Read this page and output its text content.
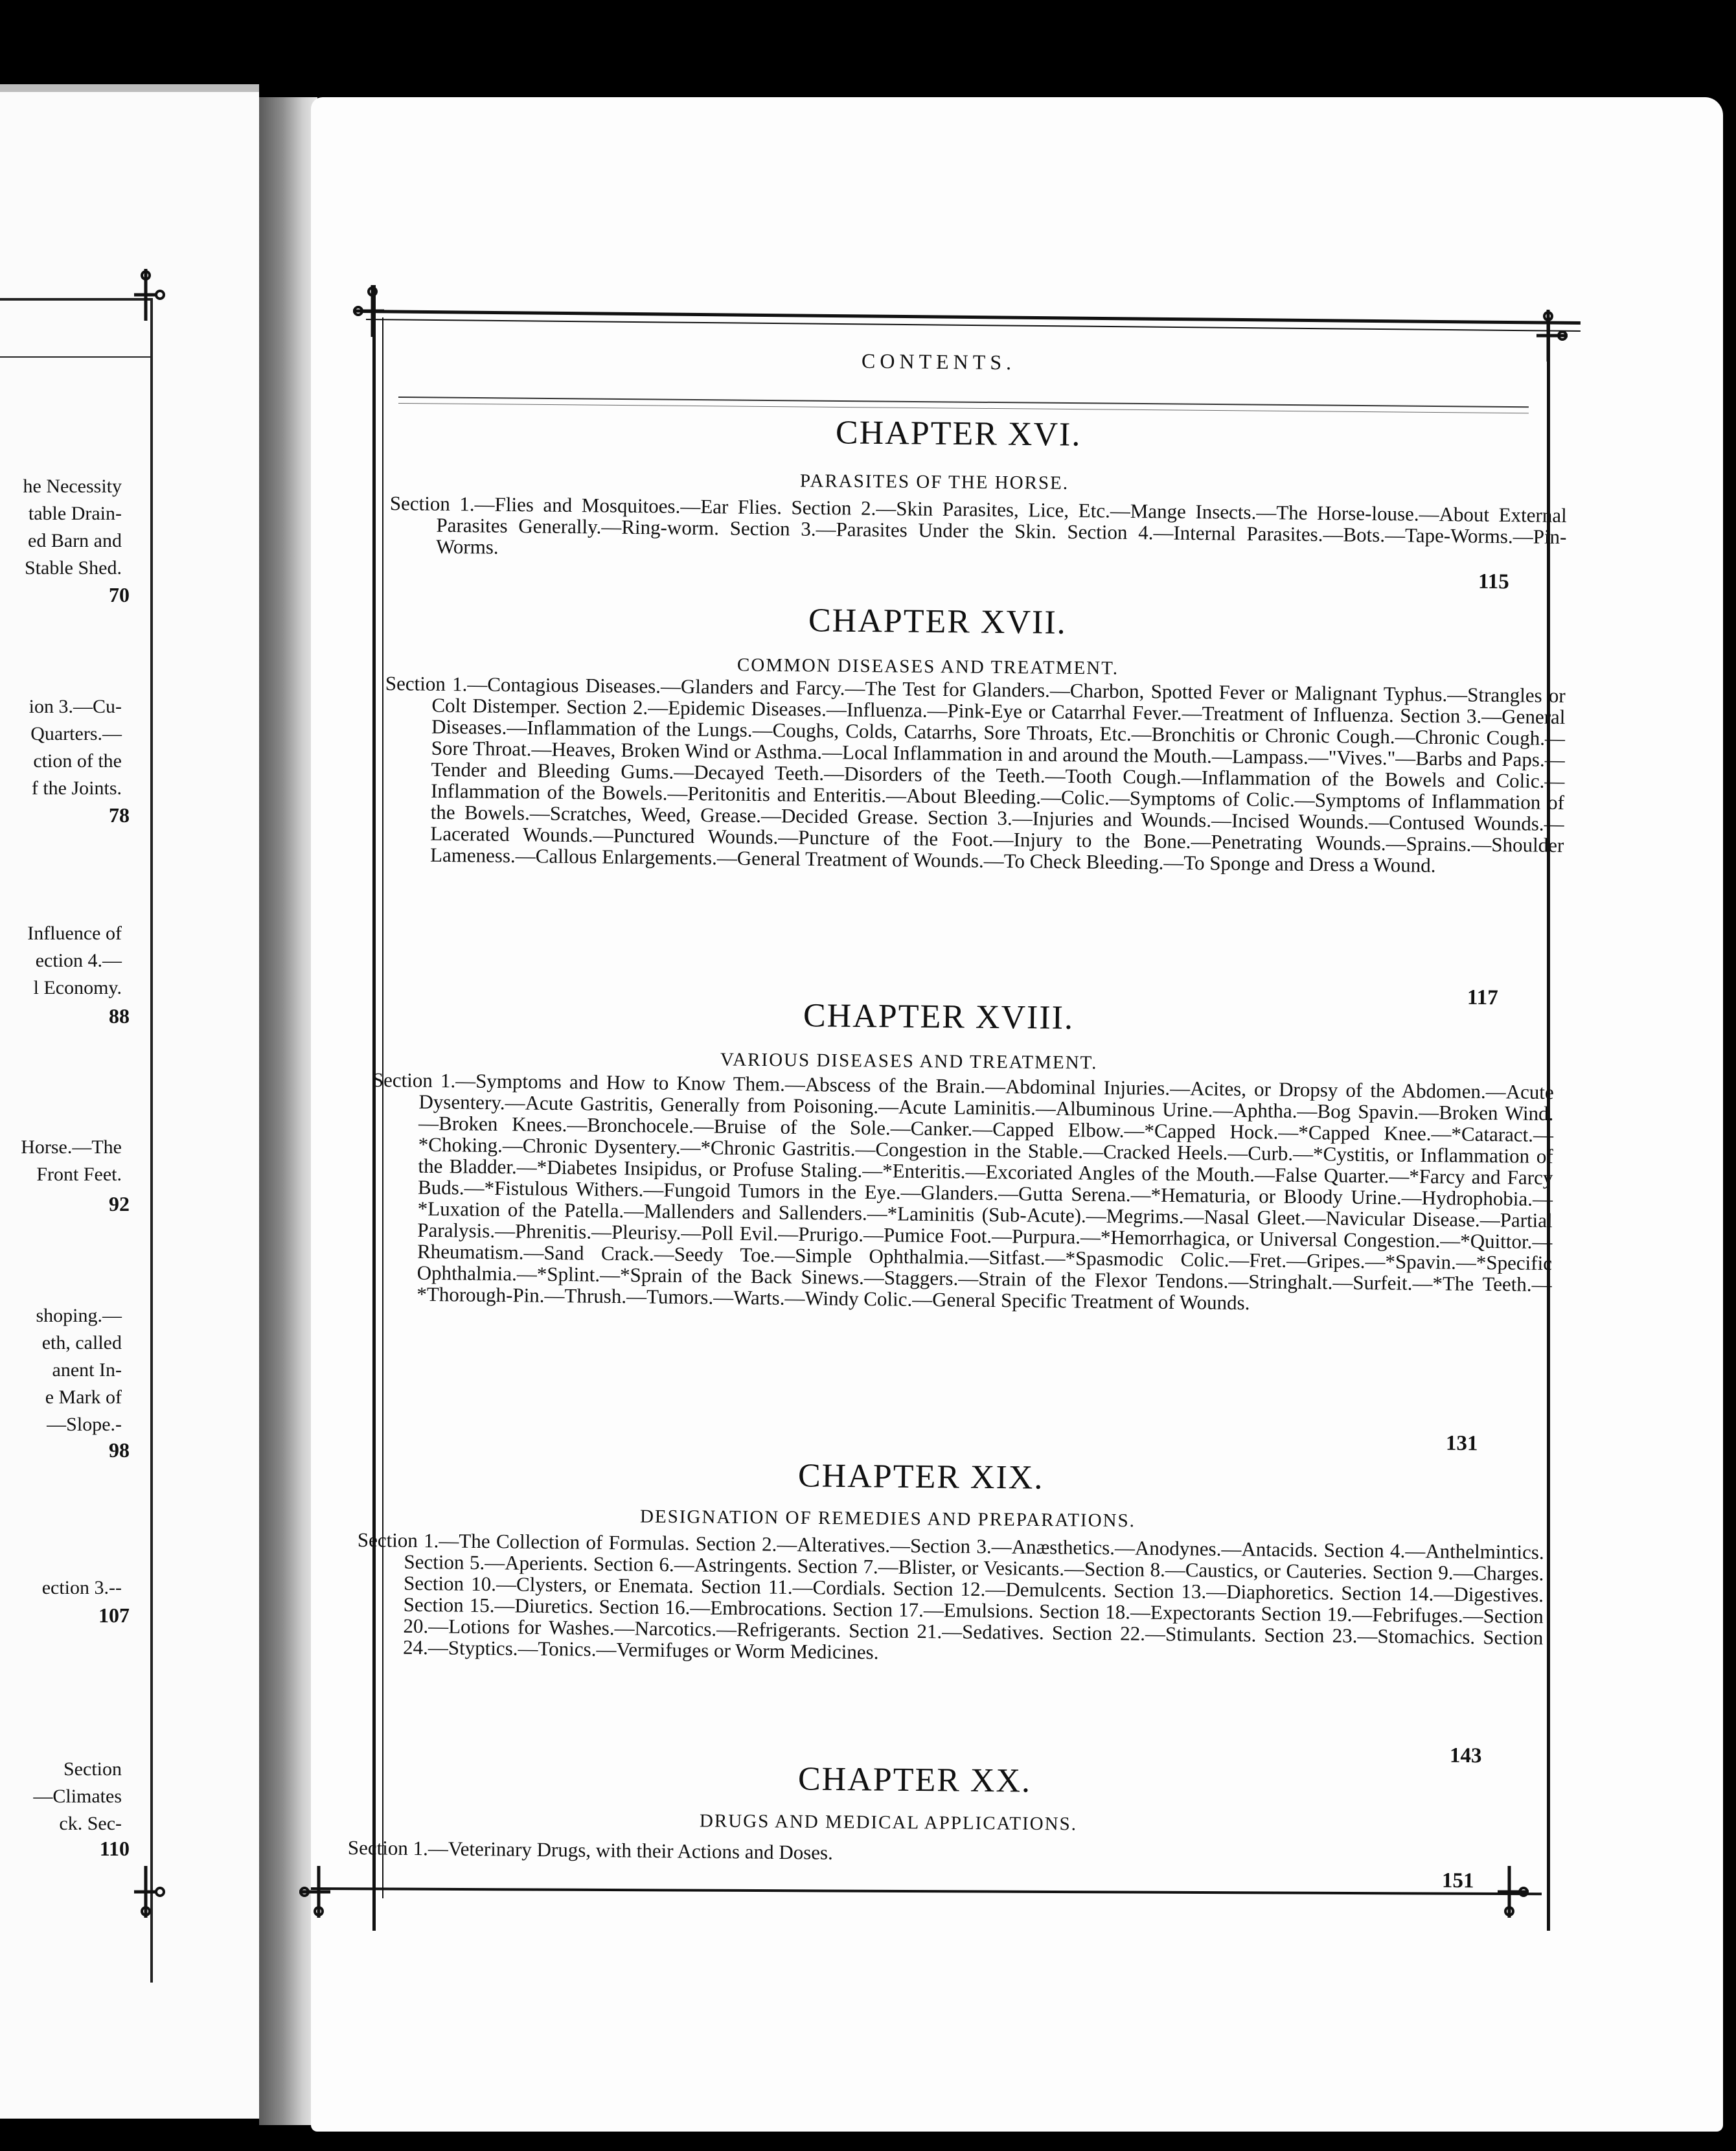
he Necessity
table Drain-
ed Barn and
Stable Shed.
70
ion 3.—Cu-
Quarters.—
ction of the
f the Joints.
78
Influence of
ection 4.—
l Economy.
88
Horse.—The
Front Feet.
92
shoping.—
eth, called
anent In-
e Mark of
—Slope.-
98
ection 3.--
107
Section
—Climates
ck. Sec-
110
CONTENTS.
CHAPTER XVI.
PARASITES OF THE HORSE.
Section 1.—Flies and Mosquitoes.—Ear Flies. Section 2.—Skin Parasites, Lice, Etc.—Mange Insects.—The Horse-louse.—About External Parasites Generally.—Ring-worm. Section 3.—Parasites Under the Skin. Section 4.—Internal Parasites.—Bots.—Tape-Worms.—Pin-Worms.
115
CHAPTER XVII.
COMMON DISEASES AND TREATMENT.
Section 1.—Contagious Diseases.—Glanders and Farcy.—The Test for Glanders.—Charbon, Spotted Fever or Malignant Typhus.—Strangles or Colt Distemper. Section 2.—Epidemic Diseases.—Influenza.—Pink-Eye or Catarrhal Fever.—Treatment of Influenza. Section 3.—General Diseases.—Inflammation of the Lungs.—Coughs, Colds, Catarrhs, Sore Throats, Etc.—Bronchitis or Chronic Cough.—Chronic Cough.—Sore Throat.—Heaves, Broken Wind or Asthma.—Local Inflammation in and around the Mouth.—Lampass.—"Vives."—Barbs and Paps.—Tender and Bleeding Gums.—Decayed Teeth.—Disorders of the Teeth.—Tooth Cough.—Inflammation of the Bowels and Colic.—Inflammation of the Bowels.—Peritonitis and Enteritis.—About Bleeding.—Colic.—Symptoms of Colic.—Symptoms of Inflammation of the Bowels.—Scratches, Weed, Grease.—Decided Grease. Section 3.—Injuries and Wounds.—Incised Wounds.—Contused Wounds.—Lacerated Wounds.—Punctured Wounds.—Puncture of the Foot.—Injury to the Bone.—Penetrating Wounds.—Sprains.—Shoulder Lameness.—Callous Enlargements.—General Treatment of Wounds.—To Check Bleeding.—To Sponge and Dress a Wound.
117
CHAPTER XVIII.
VARIOUS DISEASES AND TREATMENT.
Section 1.—Symptoms and How to Know Them.—Abscess of the Brain.—Abdominal Injuries.—Acites, or Dropsy of the Abdomen.—Acute Dysentery.—Acute Gastritis, Generally from Poisoning.—Acute Laminitis.—Albuminous Urine.—Aphtha.—Bog Spavin.—Broken Wind.—Broken Knees.—Bronchocele.—Bruise of the Sole.—Canker.—Capped Elbow.—*Capped Hock.—*Capped Knee.—*Cataract.—*Choking.—Chronic Dysentery.—*Chronic Gastritis.—Congestion in the Stable.—Cracked Heels.—Curb.—*Cystitis, or Inflammation of the Bladder.—*Diabetes Insipidus, or Profuse Staling.—*Enteritis.—Excoriated Angles of the Mouth.—False Quarter.—*Farcy and Farcy Buds.—*Fistulous Withers.—Fungoid Tumors in the Eye.—Glanders.—Gutta Serena.—*Hematuria, or Bloody Urine.—Hydrophobia.—*Luxation of the Patella.—Mallenders and Sallenders.—*Laminitis (Sub-Acute).—Megrims.—Nasal Gleet.—Navicular Disease.—Partial Paralysis.—Phrenitis.—Pleurisy.—Poll Evil.—Prurigo.—Pumice Foot.—Purpura.—*Hemorrhagica, or Universal Congestion.—*Quittor.—Rheumatism.—Sand Crack.—Seedy Toe.—Simple Ophthalmia.—Sitfast.—*Spasmodic Colic.—Fret.—Gripes.—*Spavin.—*Specific Ophthalmia.—*Splint.—*Sprain of the Back Sinews.—Staggers.—Strain of the Flexor Tendons.—Stringhalt.—Surfeit.—*The Teeth.—*Thorough-Pin.—Thrush.—Tumors.—Warts.—Windy Colic.—General Specific Treatment of Wounds.
131
CHAPTER XIX.
DESIGNATION OF REMEDIES AND PREPARATIONS.
Section 1.—The Collection of Formulas. Section 2.—Alteratives.—Section 3.—Anæsthetics.—Anodynes.—Antacids. Section 4.—Anthelmintics. Section 5.—Aperients. Section 6.—Astringents. Section 7.—Blister, or Vesicants.—Section 8.—Caustics, or Cauteries. Section 9.—Charges. Section 10.—Clysters, or Enemata. Section 11.—Cordials. Section 12.—Demulcents. Section 13.—Diaphoretics. Section 14.—Digestives. Section 15.—Diuretics. Section 16.—Embrocations. Section 17.—Emulsions. Section 18.—Expectorants Section 19.—Febrifuges.—Section 20.—Lotions for Washes.—Narcotics.—Refrigerants. Section 21.—Sedatives. Section 22.—Stimulants. Section 23.—Stomachics. Section 24.—Styptics.—Tonics.—Vermifuges or Worm Medicines.
143
CHAPTER XX.
DRUGS AND MEDICAL APPLICATIONS.
Section 1.—Veterinary Drugs, with their Actions and Doses.
151
